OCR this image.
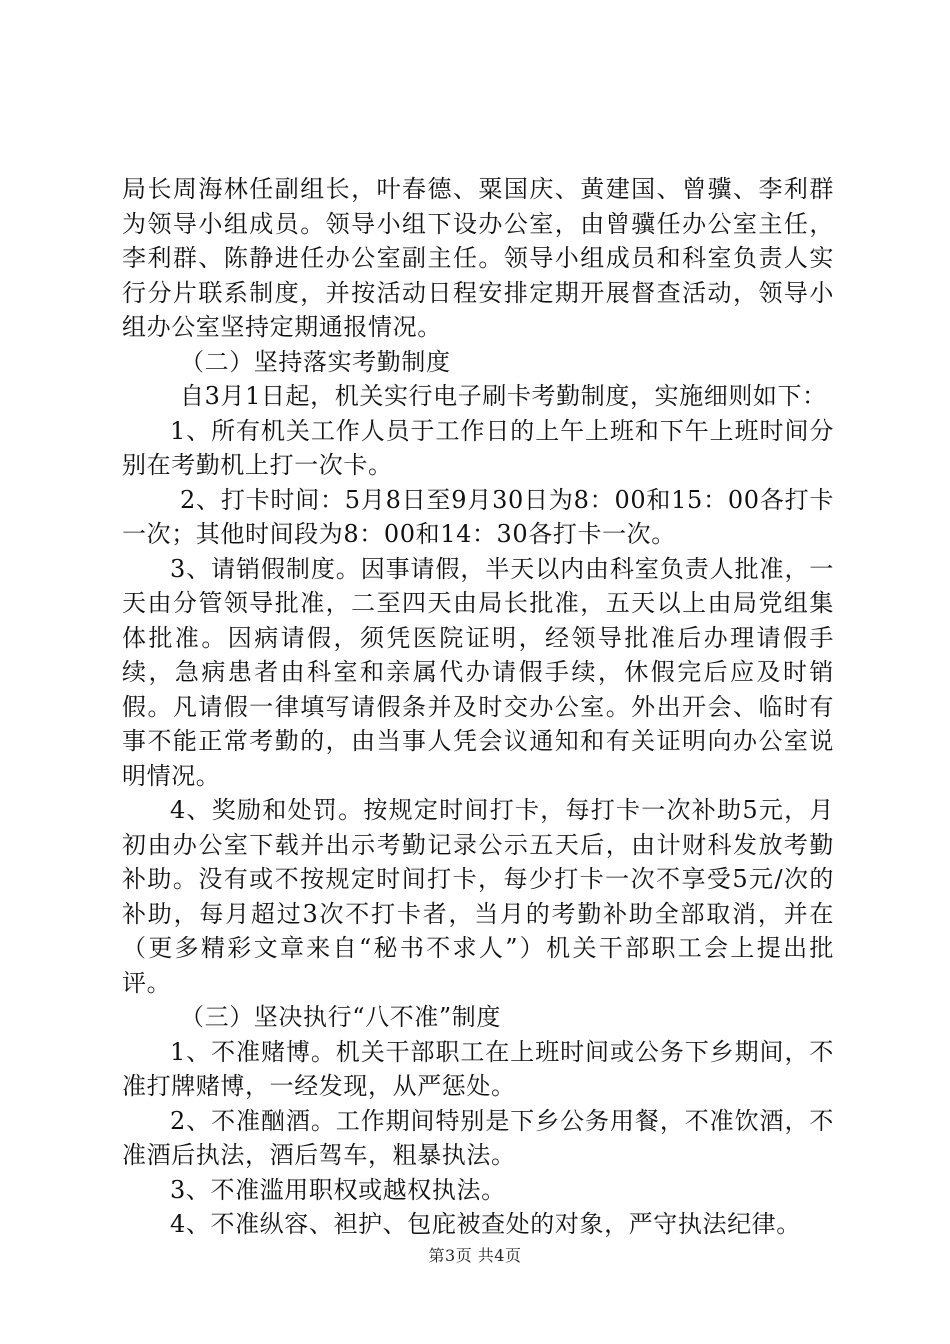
局长周海林任副组长，叶春德、粟国庆、黄建国、曾骥、李利群为领导小组成员。领导小组下设办公室，由曾骥任办公室主任，李利群、陈静进任办公室副主任。领导小组成员和科室负责人实行分片联系制度，并按活动日程安排定期开展督查活动，领导小组办公室坚持定期通报情况。

（二）坚持落实考勤制度

自3月1日起，机关实行电子刷卡考勤制度，实施细则如下：

1、所有机关工作人员于工作日的上午上班和下午上班时间分别在考勤机上打一次卡。

2、打卡时间：5月8日至9月30日为8：00和15：00各打卡一次；其他时间段为8：00和14：30各打卡一次。

3、请销假制度。因事请假，半天以内由科室负责人批准，一天由分管领导批准，二至四天由局长批准，五天以上由局党组集体批准。因病请假，须凭医院证明，经领导批准后办理请假手续，急病患者由科室和亲属代办请假手续，休假完后应及时销假。凡请假一律填写请假条并及时交办公室。外出开会、临时有事不能正常考勤的，由当事人凭会议通知和有关证明向办公室说明情况。

4、奖励和处罚。按规定时间打卡，每打卡一次补助5元，月初由办公室下载并出示考勤记录公示五天后，由计财科发放考勤补助。没有或不按规定时间打卡，每少打卡一次不享受5元/次的补助，每月超过3次不打卡者，当月的考勤补助全部取消，并在（更多精彩文章来自“秘书不求人”）机关干部职工会上提出批评。

（三）坚决执行“八不准”制度

1、不准赌博。机关干部职工在上班时间或公务下乡期间，不准打牌赌博，一经发现，从严惩处。

2、不准酗酒。工作期间特别是下乡公务用餐，不准饮酒，不准酒后执法，酒后驾车，粗暴执法。

3、不准滥用职权或越权执法。

4、不准纵容、袒护、包庇被查处的对象，严守执法纪律。

第3页 共4页
